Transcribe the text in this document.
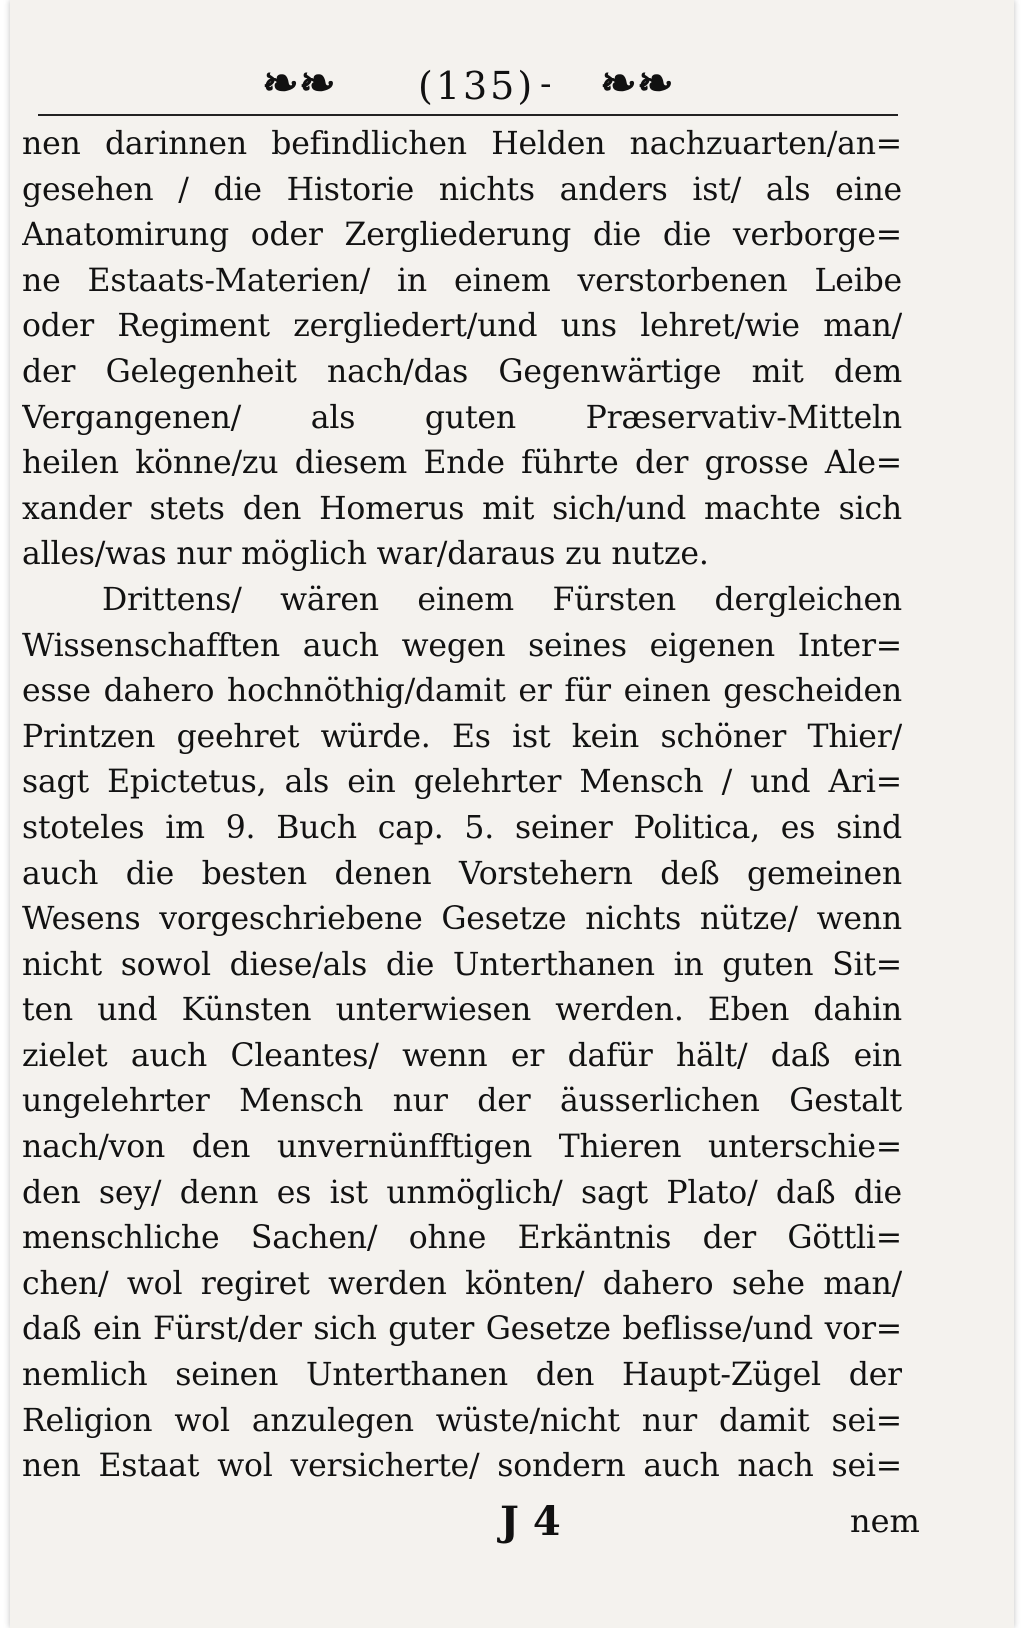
❧❧ (135) - ❧❧
nen darinnen befindlichen Helden nachzuarten/an=
gesehen / die Historie nichts anders ist/ als eine
Anatomirung oder Zergliederung die die verborge=
ne Estaats-Materien/ in einem verstorbenen Leibe
oder Regiment zergliedert/und uns lehret/wie man/
der Gelegenheit nach/das Gegenwärtige mit dem
Vergangenen/ als guten Præservativ-Mitteln
heilen könne/zu diesem Ende führte der grosse Ale=
xander stets den Homerus mit sich/und machte sich
alles/was nur möglich war/daraus zu nutze.
Drittens/ wären einem Fürsten dergleichen
Wissenschafften auch wegen seines eigenen Inter=
esse dahero hochnöthig/damit er für einen gescheiden
Printzen geehret würde. Es ist kein schöner Thier/
sagt Epictetus, als ein gelehrter Mensch / und Ari=
stoteles im 9. Buch cap. 5. seiner Politica, es sind
auch die besten denen Vorstehern deß gemeinen
Wesens vorgeschriebene Gesetze nichts nütze/ wenn
nicht sowol diese/als die Unterthanen in guten Sit=
ten und Künsten unterwiesen werden. Eben dahin
zielet auch Cleantes/ wenn er dafür hält/ daß ein
ungelehrter Mensch nur der äusserlichen Gestalt
nach/von den unvernünfftigen Thieren unterschie=
den sey/ denn es ist unmöglich/ sagt Plato/ daß die
menschliche Sachen/ ohne Erkäntnis der Göttli=
chen/ wol regiret werden könten/ dahero sehe man/
daß ein Fürst/der sich guter Gesetze beflisse/und vor=
nemlich seinen Unterthanen den Haupt-Zügel der
Religion wol anzulegen wüste/nicht nur damit sei=
nen Estaat wol versicherte/ sondern auch nach sei=
J 4	nem
